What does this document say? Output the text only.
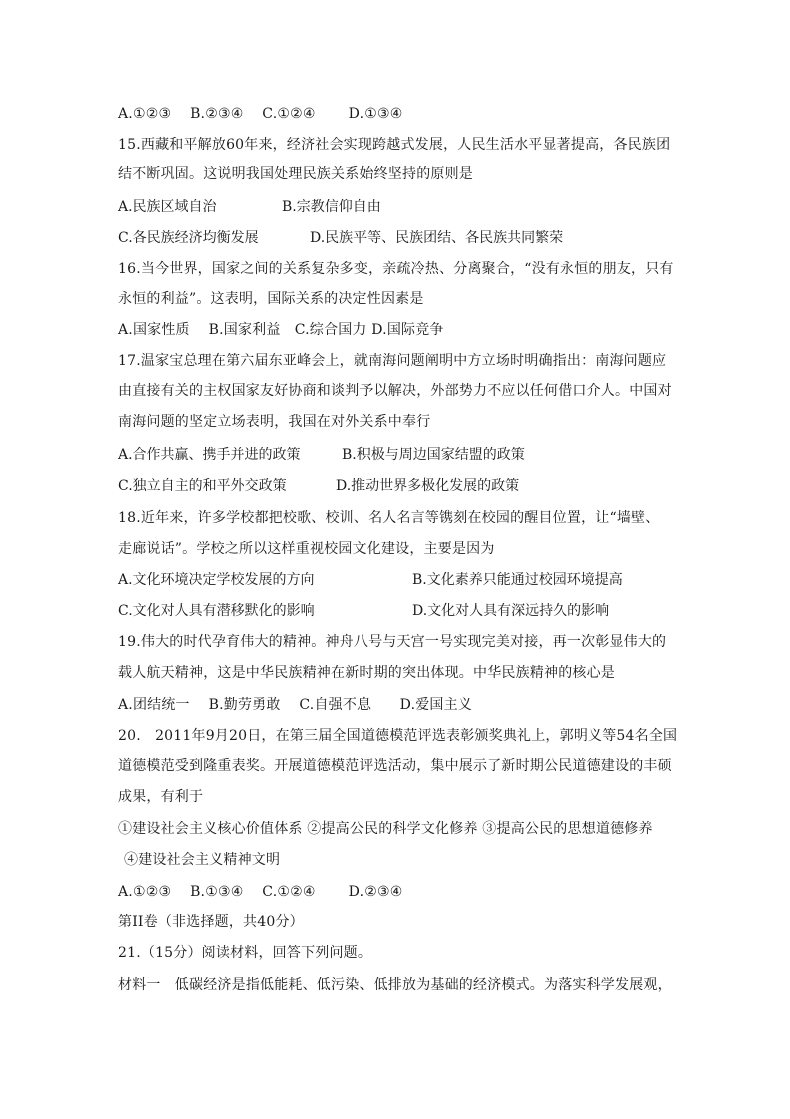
A.①②③　 B.②③④　 C.①②④　　 D.①③④
15.西藏和平解放60年来，经济社会实现跨越式发展，人民生活水平显著提高，各民族团
结不断巩固。这说明我国处理民族关系始终坚持的原则是
A.民族区域自治	B.宗教信仰自由
C.各民族经济均衡发展	D.民族平等、民族团结、各民族共同繁荣
16.当今世界，国家之间的关系复杂多变，亲疏冷热、分离聚合，“没有永恒的朋友，只有
永恒的利益”。这表明，国际关系的决定性因素是
A.国家性质　 B.国家利益　C.综合国力 D.国际竞争
17.温家宝总理在第六届东亚峰会上，就南海问题阐明中方立场时明确指出：南海问题应
由直接有关的主权国家友好协商和谈判予以解决，外部势力不应以任何借口介人。中国对
南海问题的坚定立场表明，我国在对外关系中奉行
A.合作共赢、携手并进的政策	B.积极与周边国家结盟的政策
C.独立自主的和平外交政策	D.推动世界多极化发展的政策
18.近年来，许多学校都把校歌、校训、名人名言等镌刻在校园的醒目位置，让“墙壁、
走廊说话”。学校之所以这样重视校园文化建设，主要是因为
A.文化环境决定学校发展的方向	B.文化素养只能通过校园环境提高
C.文化对人具有潜移默化的影响	D.文化对人具有深远持久的影响
19.伟大的时代孕育伟大的精神。神舟八号与天宫一号实现完美对接，再一次彰显伟大的
载人航天精神，这是中华民族精神在新时期的突出体现。中华民族精神的核心是
A.团结统一　 B.勤劳勇敢　 C.自强不息　　D.爱国主义
20.　2011年9月20日，在第三届全国道德模范评选表彰颁奖典礼上，郭明义等54名全国
道德模范受到隆重表奖。开展道德模范评选活动，集中展示了新时期公民道德建设的丰硕
成果，有利于
①建设社会主义核心价值体系 ②提高公民的科学文化修养 ③提高公民的思想道德修养
④建设社会主义精神文明
A.①②③　 B.①③④　 C.①②④　　 D.②③④
第II卷（非选择题，共40分）
21.（15分）阅读材料，回答下列问题。
材料一　低碳经济是指低能耗、低污染、低排放为基础的经济模式。为落实科学发展观，
